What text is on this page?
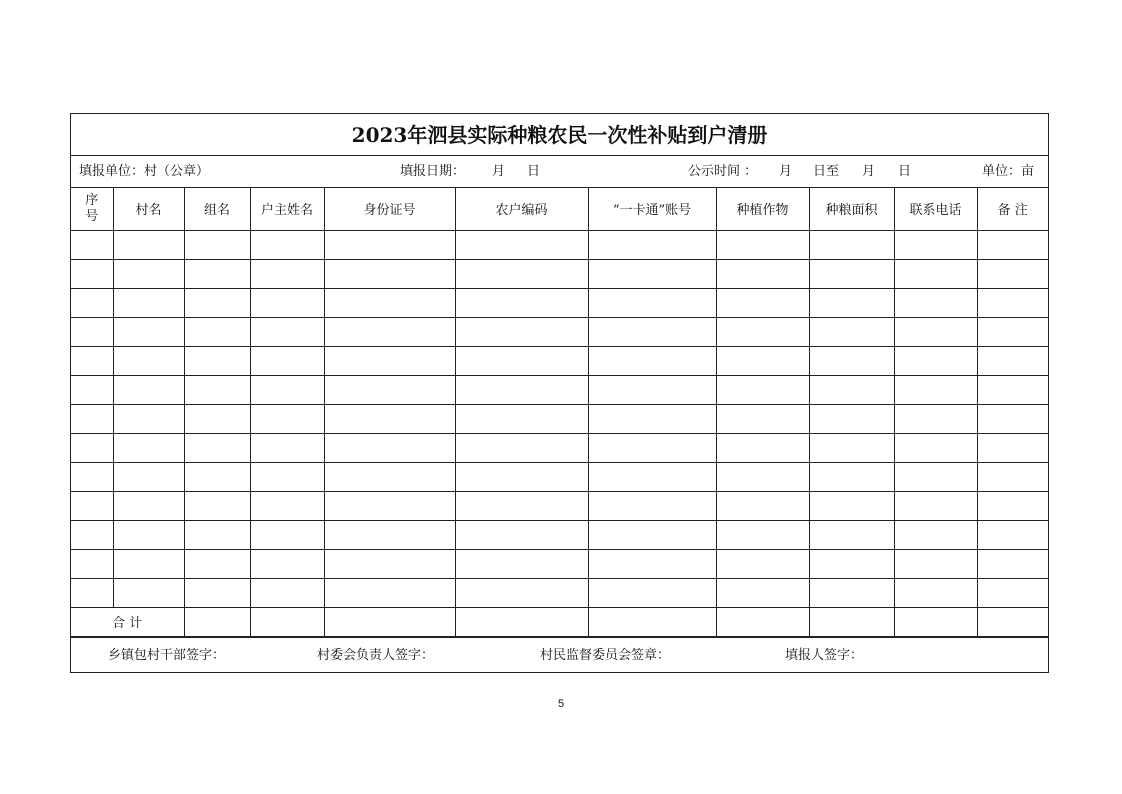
2023年泗县实际种粮农民一次性补贴到户清册
填报单位：村（公章）	填报日期： 月 日	公示时间 ： 月 日至 月 日	单位：亩
序
号	村名	组名	户主姓名	身份证号	农户编码	“一卡通”账号	种植作物	种粮面积	联系电话	备 注

合 计										
乡镇包村干部签字：	村委会负责人签字：	村民监督委员会签章：	填报人签字：
5
